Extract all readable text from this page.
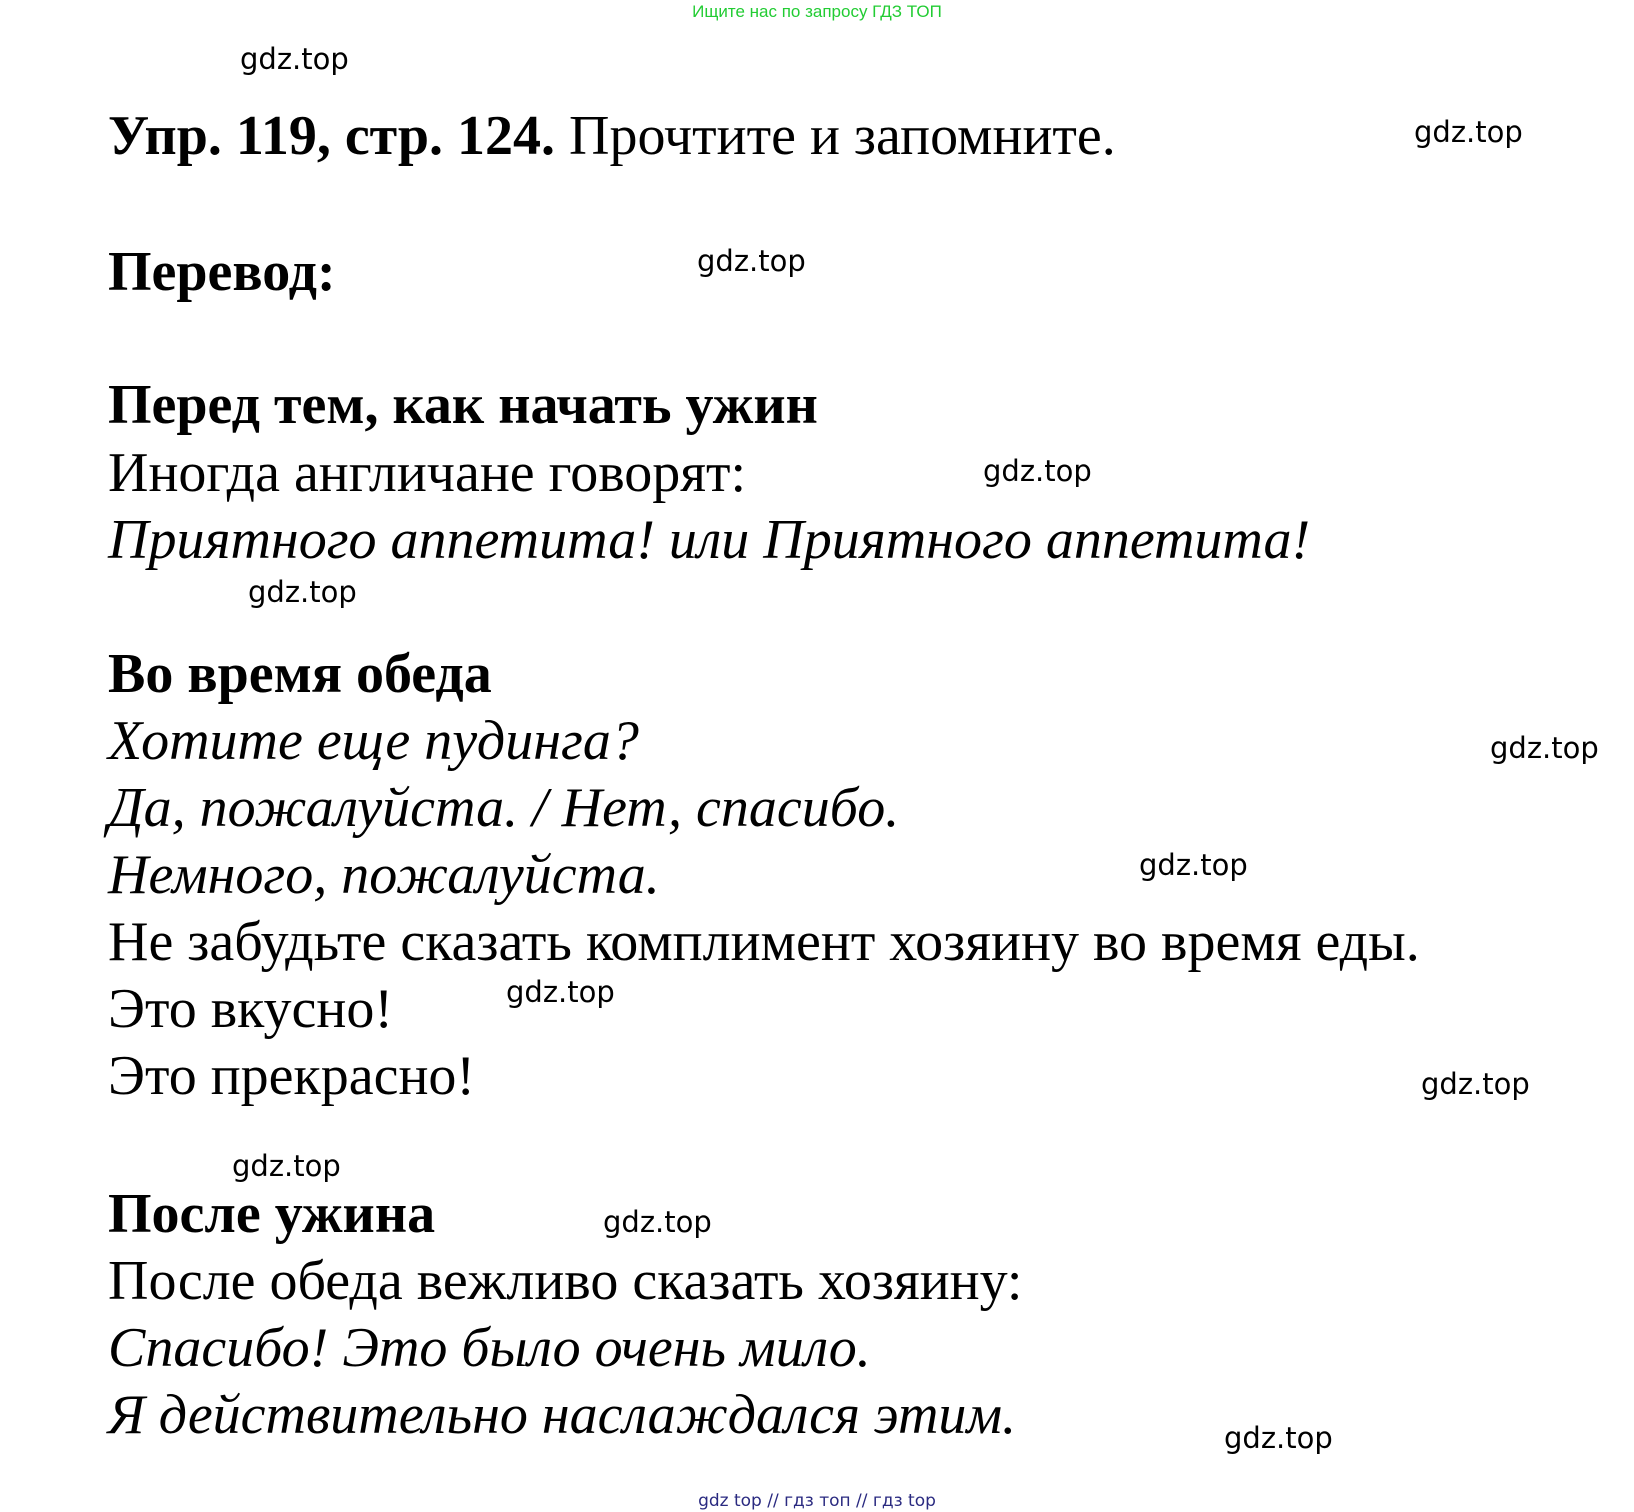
Ищите нас по запросу ГДЗ ТОП
gdz.top
gdz.top
gdz.top
gdz.top
gdz.top
gdz.top
gdz.top
gdz.top
gdz.top
gdz.top
gdz.top
gdz.top
Упр. 119, стр. 124. Прочтите и запомните.
Перевод:
Перед тем, как начать ужин
Иногда англичане говорят:
Приятного аппетита! или Приятного аппетита!
Во время обеда
Хотите еще пудинга?
Да, пожалуйста. / Нет, спасибо.
Немного, пожалуйста.
Не забудьте сказать комплимент хозяину во время еды.
Это вкусно!
Это прекрасно!
После ужина
После обеда вежливо сказать хозяину:
Спасибо! Это было очень мило.
Я действительно наслаждался этим.
gdz top // гдз топ // гдз top
